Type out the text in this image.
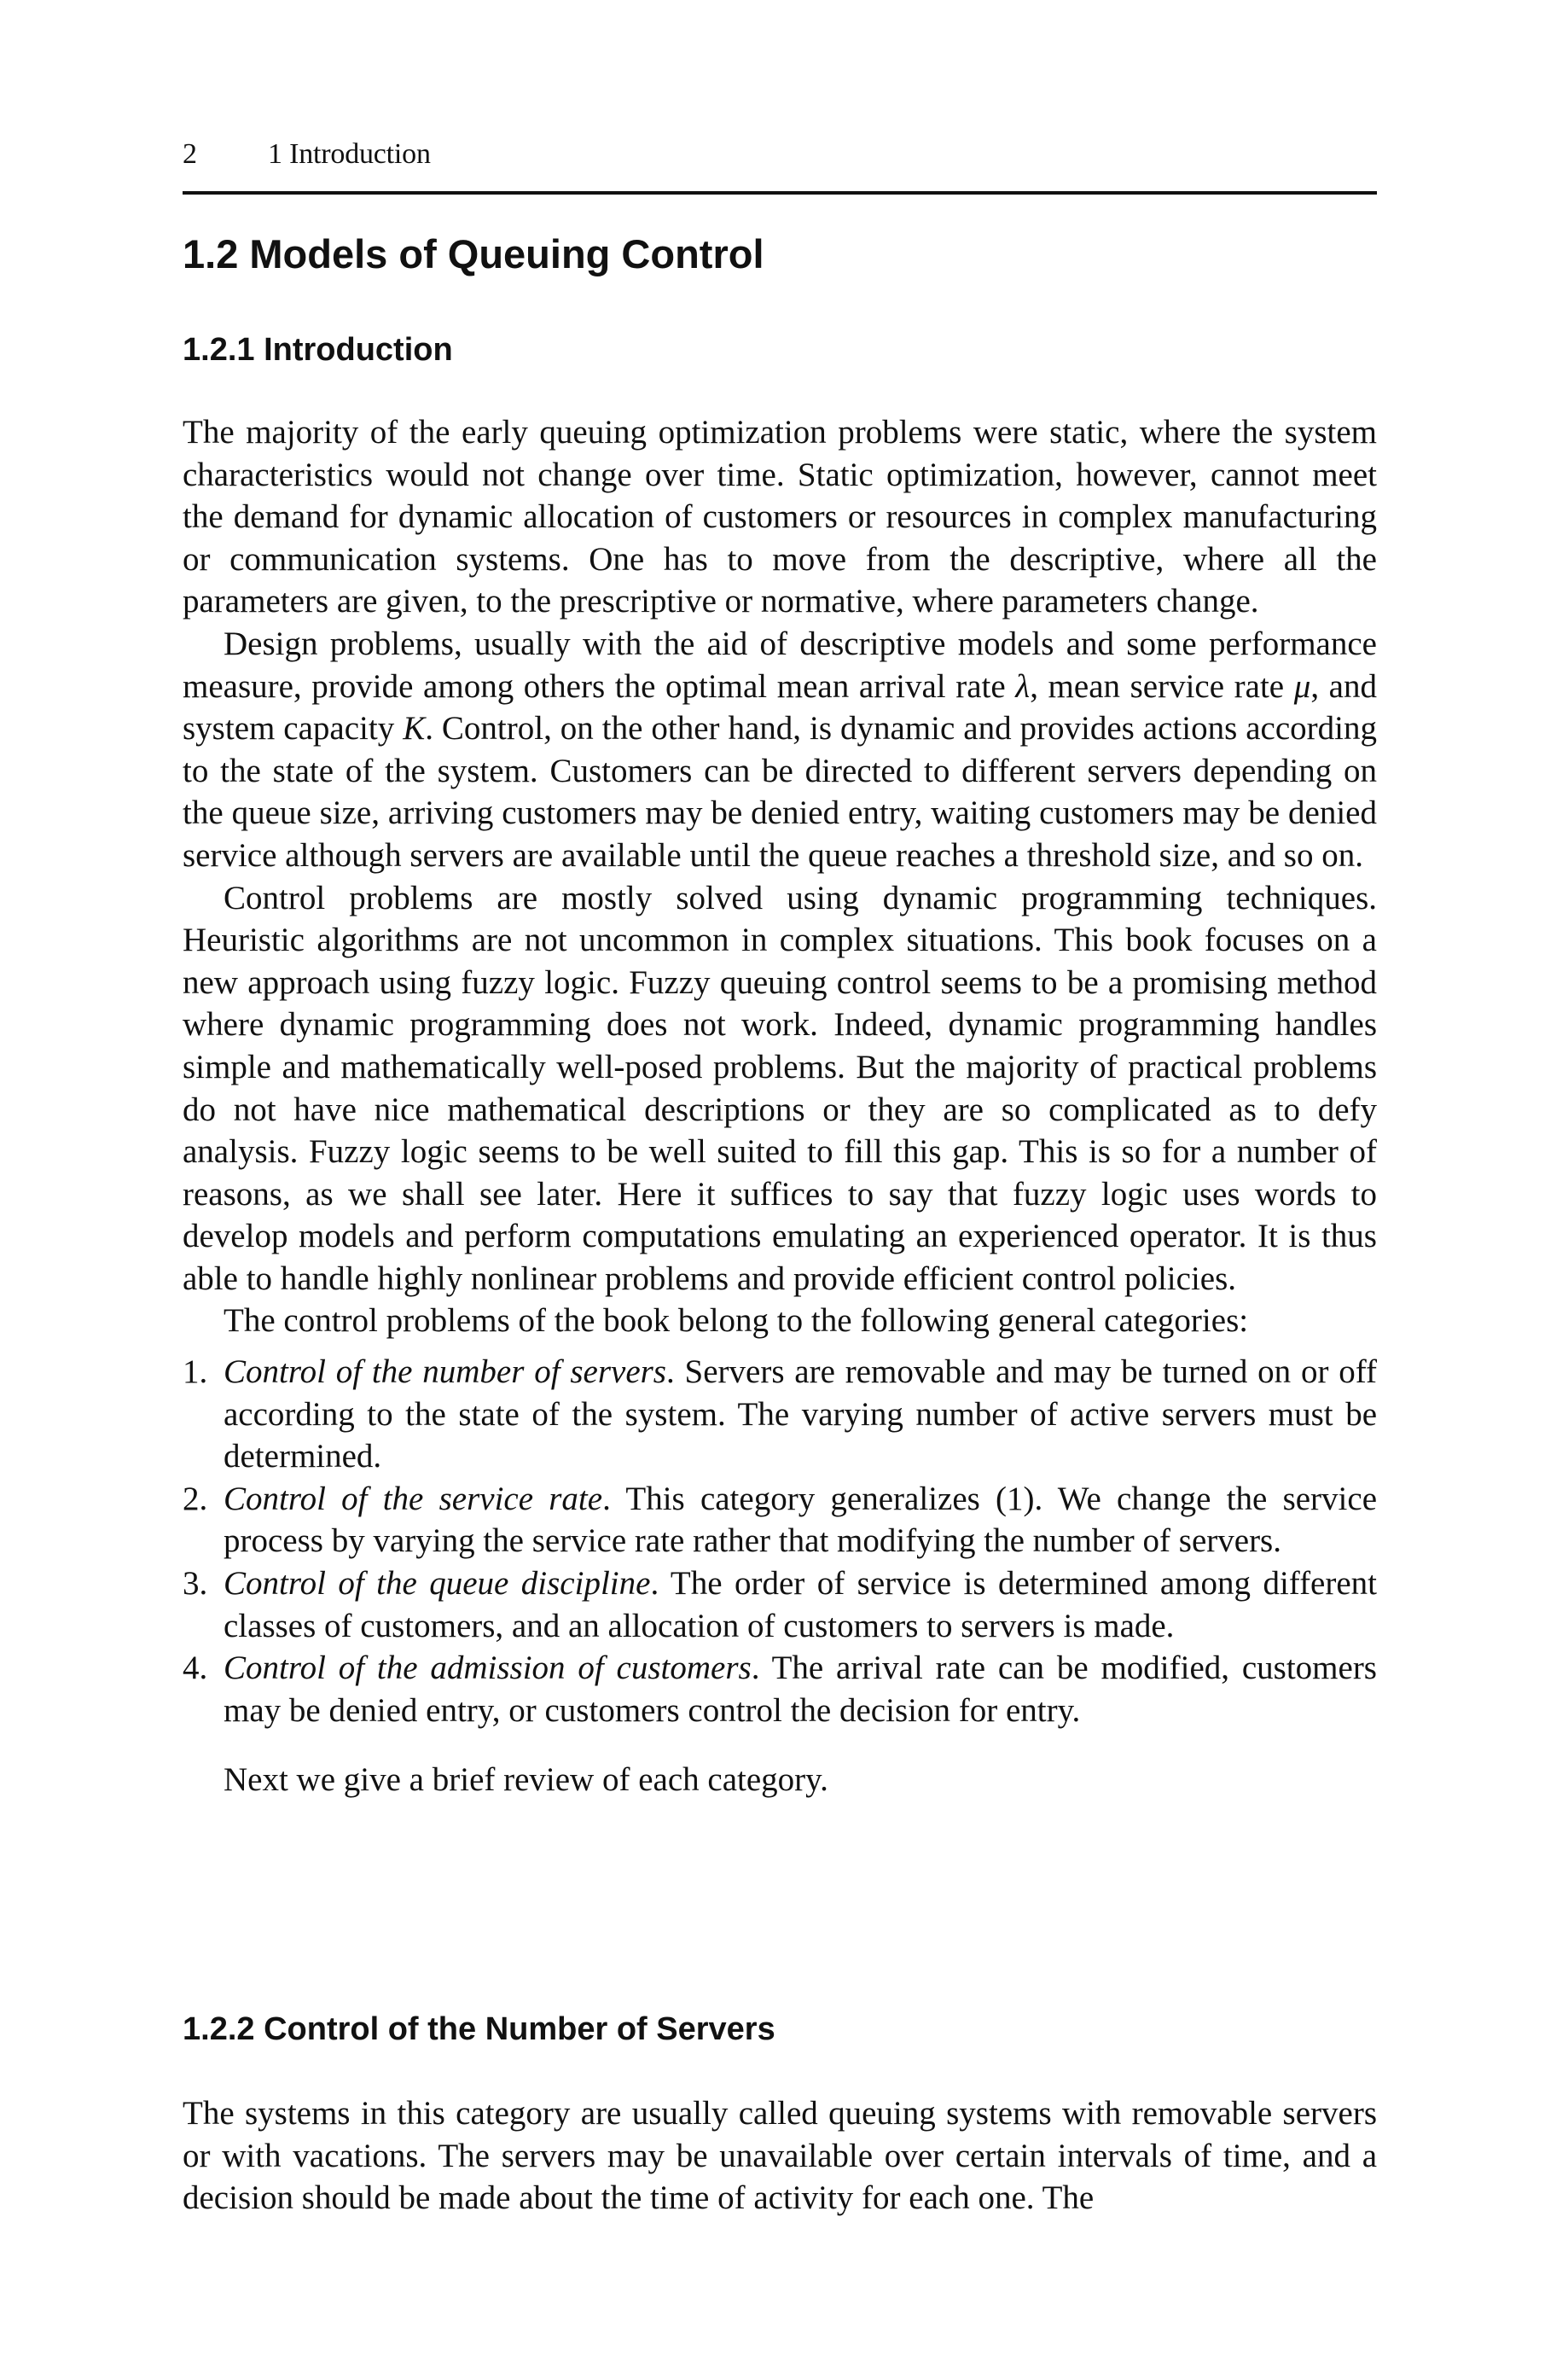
2 1 Introduction
1.2 Models of Queuing Control
1.2.1 Introduction

The majority of the early queuing optimization problems were static, where the system characteristics would not change over time. Static optimization, however, cannot meet the demand for dynamic allocation of customers or resources in complex manufacturing or communication systems. One has to move from the descriptive, where all the parameters are given, to the prescriptive or normative, where parameters change.

Design problems, usually with the aid of descriptive models and some performance measure, provide among others the optimal mean arrival rate λ, mean service rate μ, and system capacity K. Control, on the other hand, is dynamic and provides actions according to the state of the system. Customers can be directed to different servers depending on the queue size, arriving customers may be denied entry, waiting customers may be denied service although servers are available until the queue reaches a threshold size, and so on.

Control problems are mostly solved using dynamic programming techniques. Heuristic algorithms are not uncommon in complex situations. This book focuses on a new approach using fuzzy logic. Fuzzy queuing control seems to be a promising method where dynamic programming does not work. Indeed, dynamic programming handles simple and mathematically well-posed problems. But the majority of practical problems do not have nice mathematical descriptions or they are so complicated as to defy analysis. Fuzzy logic seems to be well suited to fill this gap. This is so for a number of reasons, as we shall see later. Here it suffices to say that fuzzy logic uses words to develop models and perform computations emulating an experienced operator. It is thus able to handle highly nonlinear problems and provide efficient control policies.

The control problems of the book belong to the following general categories:

1. Control of the number of servers. Servers are removable and may be turned on or off according to the state of the system. The varying number of active servers must be determined.
2. Control of the service rate. This category generalizes (1). We change the service process by varying the service rate rather that modifying the number of servers.
3. Control of the queue discipline. The order of service is determined among different classes of customers, and an allocation of customers to servers is made.
4. Control of the admission of customers. The arrival rate can be modified, customers may be denied entry, or customers control the decision for entry.

Next we give a brief review of each category.

1.2.2 Control of the Number of Servers

The systems in this category are usually called queuing systems with removable servers or with vacations. The servers may be unavailable over certain intervals of time, and a decision should be made about the time of activity for each one. The
